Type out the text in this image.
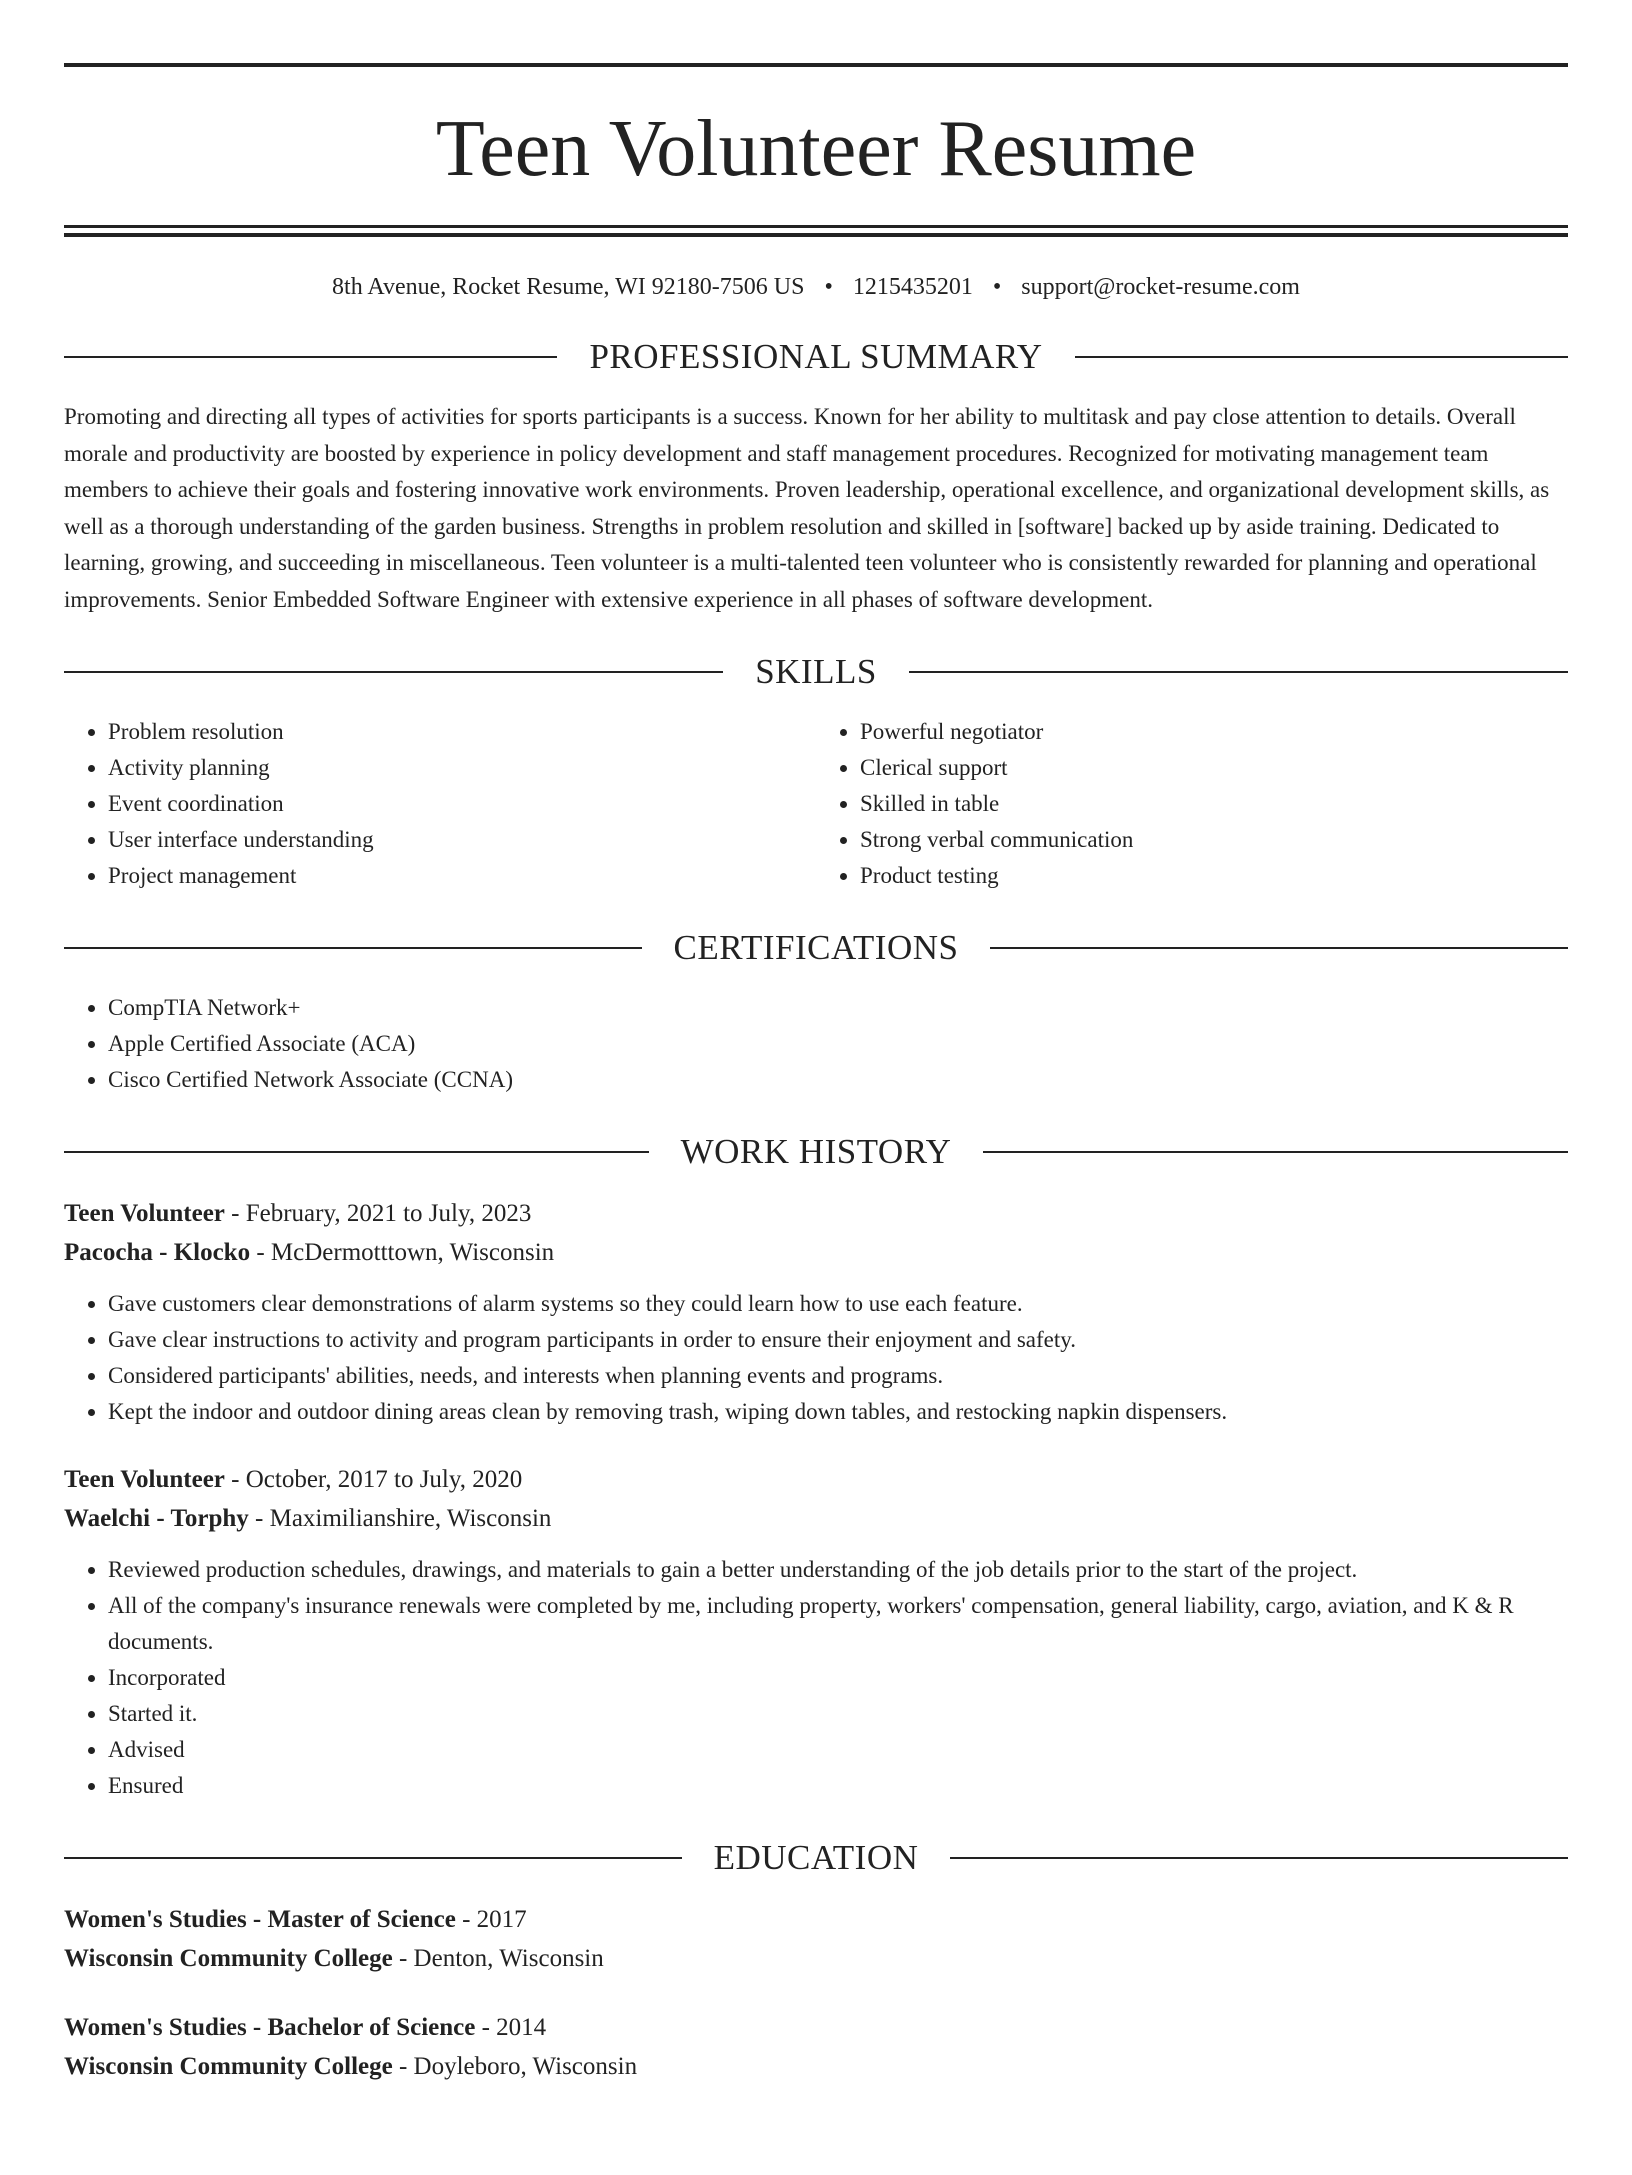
Teen Volunteer Resume
8th Avenue, Rocket Resume, WI 92180-7506 US • 1215435201 • support@rocket-resume.com
PROFESSIONAL SUMMARY

Promoting and directing all types of activities for sports participants is a success. Known for her ability to multitask and pay close attention to details. Overall morale and productivity are boosted by experience in policy development and staff management procedures. Recognized for motivating management team members to achieve their goals and fostering innovative work environments. Proven leadership, operational excellence, and organizational development skills, as well as a thorough understanding of the garden business. Strengths in problem resolution and skilled in [software] backed up by aside training. Dedicated to learning, growing, and succeeding in miscellaneous. Teen volunteer is a multi-talented teen volunteer who is consistently rewarded for planning and operational improvements. Senior Embedded Software Engineer with extensive experience in all phases of software development.

SKILLS
• Problem resolution
• Activity planning
• Event coordination
• User interface understanding
• Project management
• Powerful negotiator
• Clerical support
• Skilled in table
• Strong verbal communication
• Product testing
CERTIFICATIONS
• CompTIA Network+
• Apple Certified Associate (ACA)
• Cisco Certified Network Associate (CCNA)
WORK HISTORY
Teen Volunteer - February, 2021 to July, 2023
Pacocha - Klocko - McDermotttown, Wisconsin
• Gave customers clear demonstrations of alarm systems so they could learn how to use each feature.
• Gave clear instructions to activity and program participants in order to ensure their enjoyment and safety.
• Considered participants' abilities, needs, and interests when planning events and programs.
• Kept the indoor and outdoor dining areas clean by removing trash, wiping down tables, and restocking napkin dispensers.
Teen Volunteer - October, 2017 to July, 2020
Waelchi - Torphy - Maximilianshire, Wisconsin
• Reviewed production schedules, drawings, and materials to gain a better understanding of the job details prior to the start of the project.
• All of the company's insurance renewals were completed by me, including property, workers' compensation, general liability, cargo, aviation, and K & R documents.
• Incorporated
• Started it.
• Advised
• Ensured
EDUCATION
Women's Studies - Master of Science - 2017
Wisconsin Community College - Denton, Wisconsin
Women's Studies - Bachelor of Science - 2014
Wisconsin Community College - Doyleboro, Wisconsin
